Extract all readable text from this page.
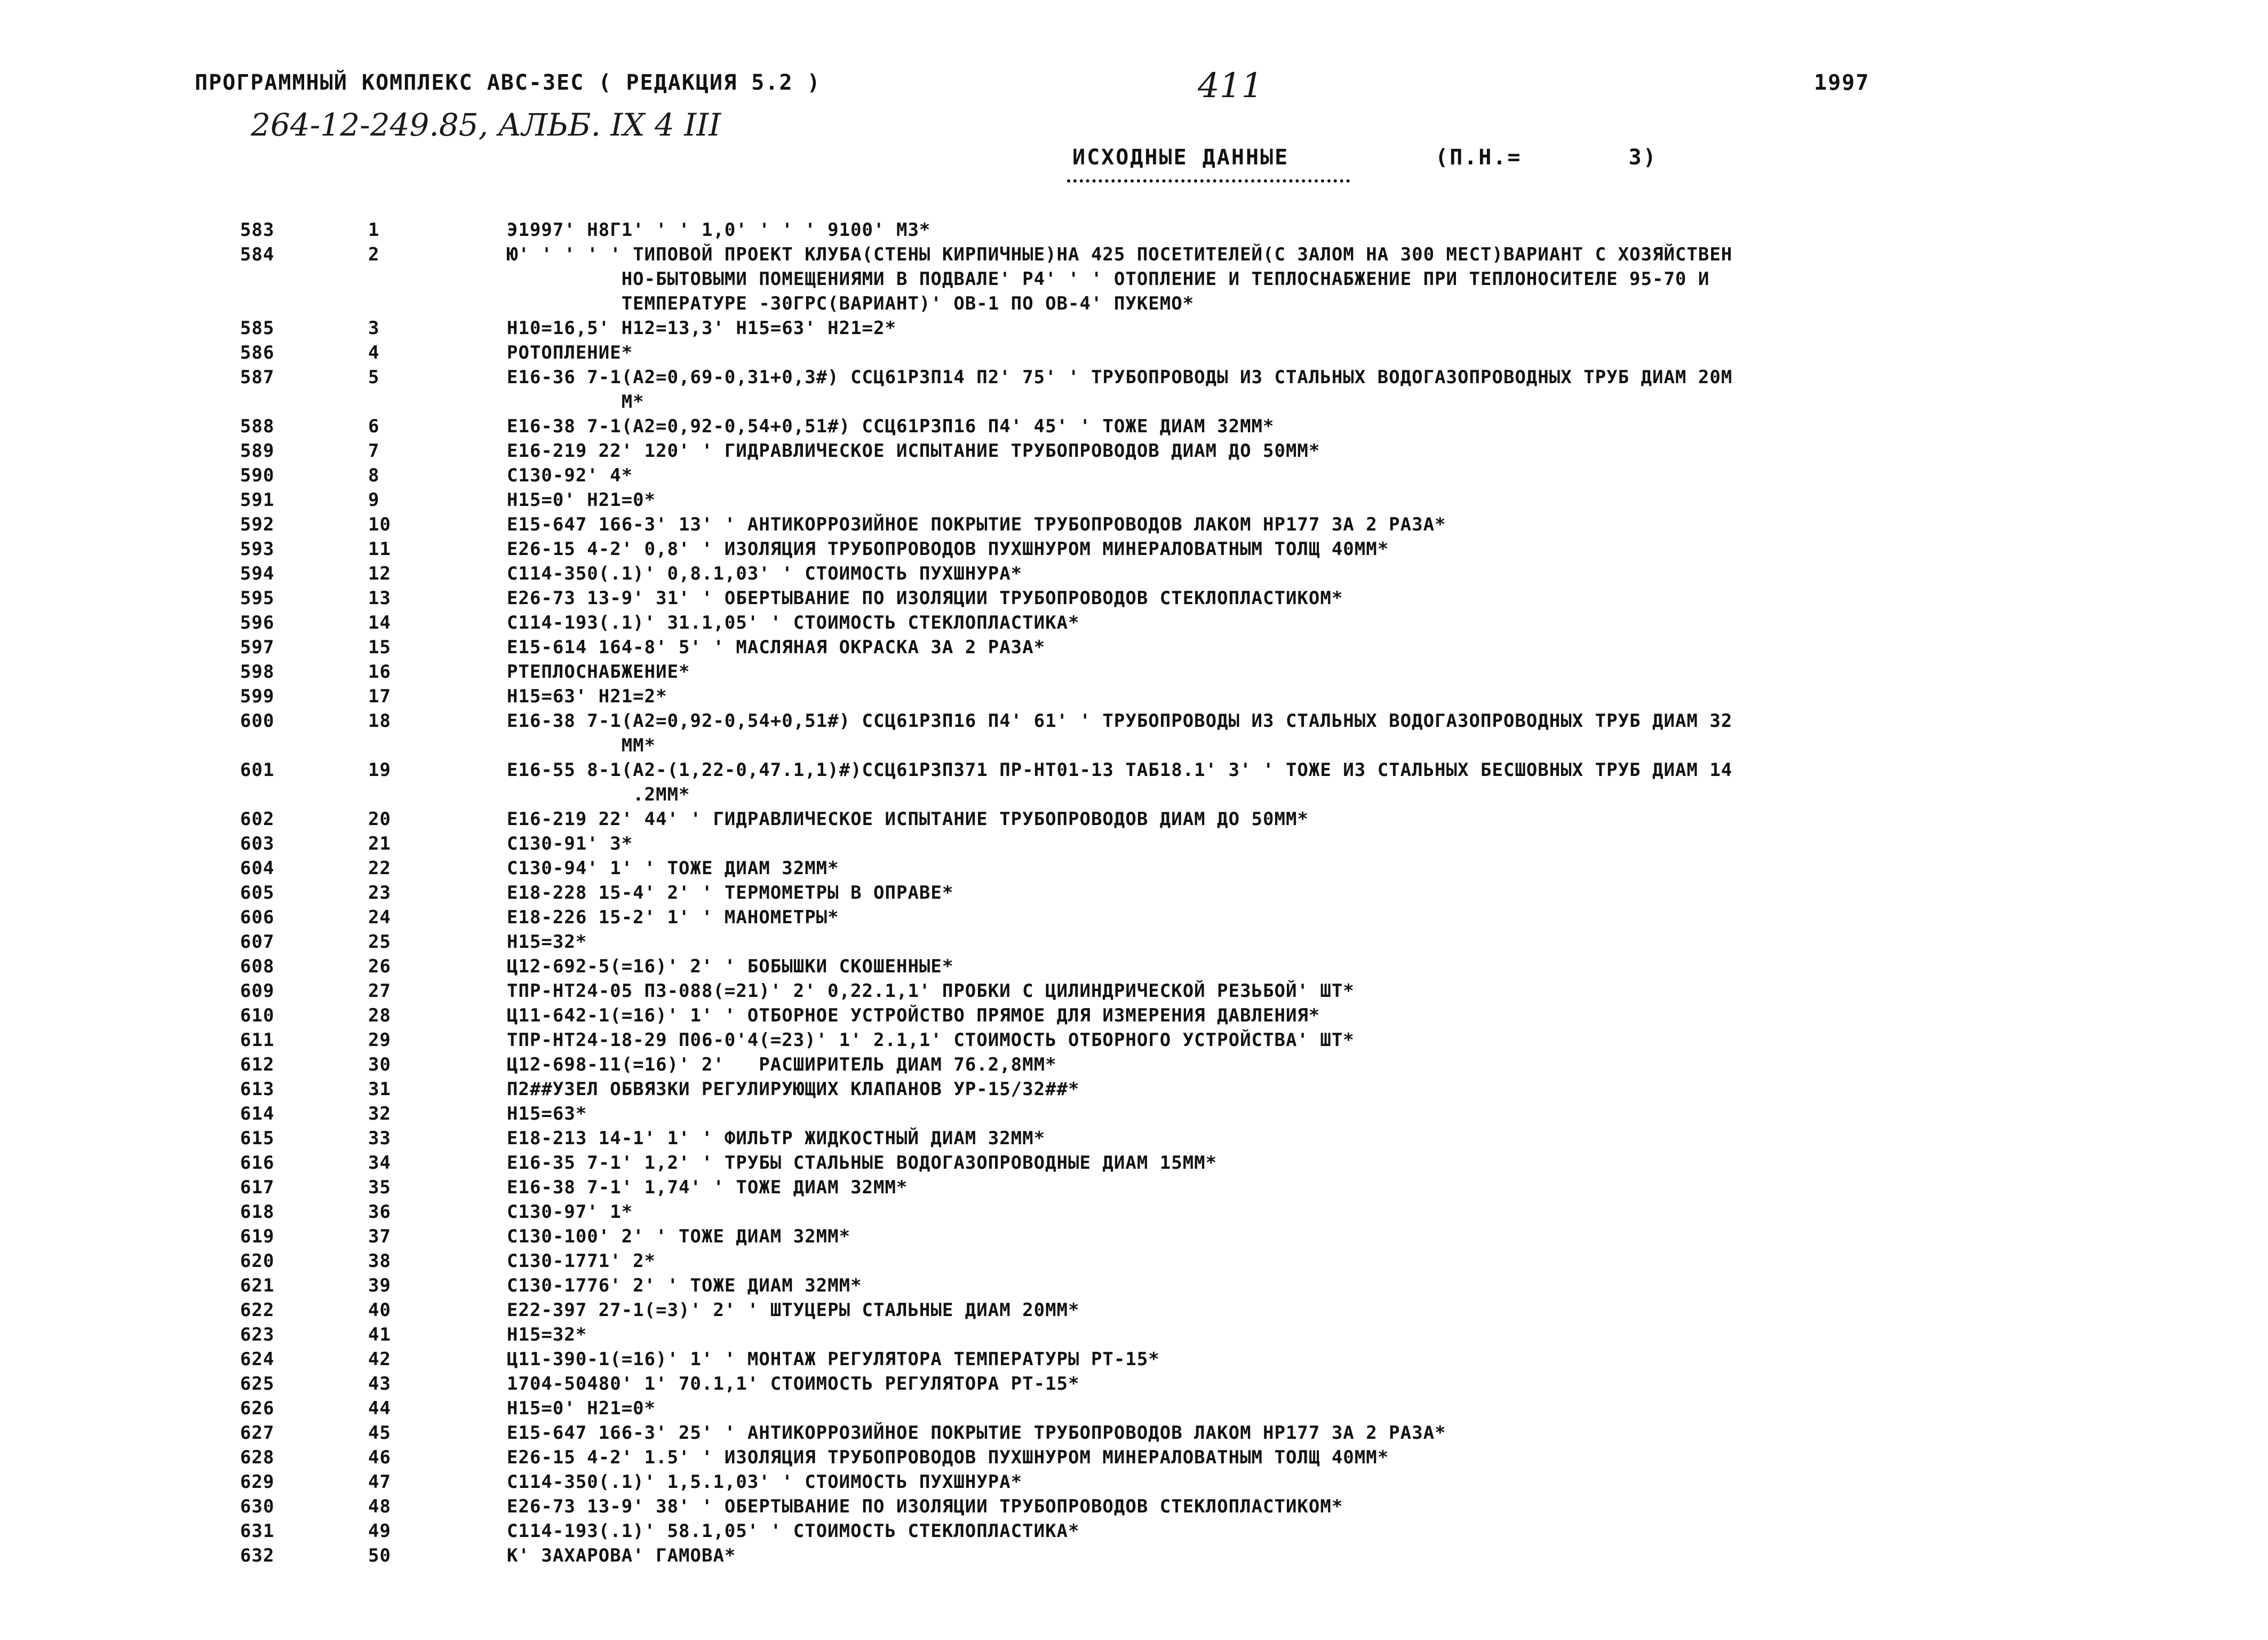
ПРОГРАММНЫЙ КОМПЛЕКС АВС-ЗЕС ( РЕДАКЦИЯ 5.2 )	411	1997
264-12-249.85, АЛЬБ. IX 4 III
ИСХОДНЫЕ ДАННЫЕ	(П.Н.=	3)
583	1	Э1997' Н8Г1' ' ' 1,0' ' ' ' 9100' МЗ*
584	2	Ю' ' ' ' ' ТИПОВОЙ ПРОЕКТ КЛУБА(СТЕНЫ КИРПИЧНЫЕ)НА 425 ПОСЕТИТЕЛЕЙ(С ЗАЛОМ НА 300 МЕСТ)ВАРИАНТ С ХОЗЯЙСТВЕН
НО-БЫТОВЫМИ ПОМЕЩЕНИЯМИ В ПОДВАЛЕ' Р4' ' ' ОТОПЛЕНИЕ И ТЕПЛОСНАБЖЕНИЕ ПРИ ТЕПЛОНОСИТЕЛЕ 95-70 И
ТЕМПЕРАТУРЕ -30ГРС(ВАРИАНТ)' ОВ-1 ПО ОВ-4' ПУКЕМО*
585	3	Н10=16,5' Н12=13,3' Н15=63' Н21=2*
586	4	РОТОПЛЕНИЕ*
587	5	Е16-36 7-1(А2=0,69-0,31+0,3#) ССЦ61РЗП14 П2' 75' ' ТРУБОПРОВОДЫ ИЗ СТАЛЬНЫХ ВОДОГАЗОПРОВОДНЫХ ТРУБ ДИАМ 20М
М*
588	6	Е16-38 7-1(А2=0,92-0,54+0,51#) ССЦ61РЗП16 П4' 45' ' ТОЖЕ ДИАМ 32ММ*
589	7	Е16-219 22' 120' ' ГИДРАВЛИЧЕСКОЕ ИСПЫТАНИЕ ТРУБОПРОВОДОВ ДИАМ ДО 50ММ*
590	8	С130-92' 4*
591	9	Н15=0' Н21=0*
592	10	Е15-647 166-3' 13' ' АНТИКОРРОЗИЙНОЕ ПОКРЫТИЕ ТРУБОПРОВОДОВ ЛАКОМ НР177 ЗА 2 РАЗА*
593	11	Е26-15 4-2' 0,8' ' ИЗОЛЯЦИЯ ТРУБОПРОВОДОВ ПУХШНУРОМ МИНЕРАЛОВАТНЫМ ТОЛЩ 40ММ*
594	12	С114-350(.1)' 0,8.1,03' ' СТОИМОСТЬ ПУХШНУРА*
595	13	Е26-73 13-9' 31' ' ОБЕРТЫВАНИЕ ПО ИЗОЛЯЦИИ ТРУБОПРОВОДОВ СТЕКЛОПЛАСТИКОМ*
596	14	С114-193(.1)' 31.1,05' ' СТОИМОСТЬ СТЕКЛОПЛАСТИКА*
597	15	Е15-614 164-8' 5' ' МАСЛЯНАЯ ОКРАСКА ЗА 2 РАЗА*
598	16	РТЕПЛОСНАБЖЕНИЕ*
599	17	Н15=63' Н21=2*
600	18	Е16-38 7-1(А2=0,92-0,54+0,51#) ССЦ61РЗП16 П4' 61' ' ТРУБОПРОВОДЫ ИЗ СТАЛЬНЫХ ВОДОГАЗОПРОВОДНЫХ ТРУБ ДИАМ 32
ММ*
601	19	Е16-55 8-1(А2-(1,22-0,47.1,1)#)ССЦ61РЗП371 ПР-НТ01-13 ТАБ18.1' 3' ' ТОЖЕ ИЗ СТАЛЬНЫХ БЕСШОВНЫХ ТРУБ ДИАМ 14
.2ММ*
602	20	Е16-219 22' 44' ' ГИДРАВЛИЧЕСКОЕ ИСПЫТАНИЕ ТРУБОПРОВОДОВ ДИАМ ДО 50ММ*
603	21	С130-91' 3*
604	22	С130-94' 1' ' ТОЖЕ ДИАМ 32ММ*
605	23	Е18-228 15-4' 2' ' ТЕРМОМЕТРЫ В ОПРАВЕ*
606	24	Е18-226 15-2' 1' ' МАНОМЕТРЫ*
607	25	Н15=32*
608	26	Ц12-692-5(=16)' 2' ' БОБЫШКИ СКОШЕННЫЕ*
609	27	ТПР-НТ24-05 ПЗ-088(=21)' 2' 0,22.1,1' ПРОБКИ С ЦИЛИНДРИЧЕСКОЙ РЕЗЬБОЙ' ШТ*
610	28	Ц11-642-1(=16)' 1' ' ОТБОРНОЕ УСТРОЙСТВО ПРЯМОЕ ДЛЯ ИЗМЕРЕНИЯ ДАВЛЕНИЯ*
611	29	ТПР-НТ24-18-29 П06-0'4(=23)' 1' 2.1,1' СТОИМОСТЬ ОТБОРНОГО УСТРОЙСТВА' ШТ*
612	30	Ц12-698-11(=16)' 2'   РАСШИРИТЕЛЬ ДИАМ 76.2,8ММ*
613	31	П2##УЗЕЛ ОБВЯЗКИ РЕГУЛИРУЮЩИХ КЛАПАНОВ УР-15/32##*
614	32	Н15=63*
615	33	Е18-213 14-1' 1' ' ФИЛЬТР ЖИДКОСТНЫЙ ДИАМ 32ММ*
616	34	Е16-35 7-1' 1,2' ' ТРУБЫ СТАЛЬНЫЕ ВОДОГАЗОПРОВОДНЫЕ ДИАМ 15ММ*
617	35	Е16-38 7-1' 1,74' ' ТОЖЕ ДИАМ 32ММ*
618	36	С130-97' 1*
619	37	С130-100' 2' ' ТОЖЕ ДИАМ 32ММ*
620	38	С130-1771' 2*
621	39	С130-1776' 2' ' ТОЖЕ ДИАМ 32ММ*
622	40	Е22-397 27-1(=3)' 2' ' ШТУЦЕРЫ СТАЛЬНЫЕ ДИАМ 20ММ*
623	41	Н15=32*
624	42	Ц11-390-1(=16)' 1' ' МОНТАЖ РЕГУЛЯТОРА ТЕМПЕРАТУРЫ РТ-15*
625	43	1704-50480' 1' 70.1,1' СТОИМОСТЬ РЕГУЛЯТОРА РТ-15*
626	44	Н15=0' Н21=0*
627	45	Е15-647 166-3' 25' ' АНТИКОРРОЗИЙНОЕ ПОКРЫТИЕ ТРУБОПРОВОДОВ ЛАКОМ НР177 ЗА 2 РАЗА*
628	46	Е26-15 4-2' 1.5' ' ИЗОЛЯЦИЯ ТРУБОПРОВОДОВ ПУХШНУРОМ МИНЕРАЛОВАТНЫМ ТОЛЩ 40ММ*
629	47	С114-350(.1)' 1,5.1,03' ' СТОИМОСТЬ ПУХШНУРА*
630	48	Е26-73 13-9' 38' ' ОБЕРТЫВАНИЕ ПО ИЗОЛЯЦИИ ТРУБОПРОВОДОВ СТЕКЛОПЛАСТИКОМ*
631	49	С114-193(.1)' 58.1,05' ' СТОИМОСТЬ СТЕКЛОПЛАСТИКА*
632	50	К' ЗАХАРОВА' ГАМОВА*
